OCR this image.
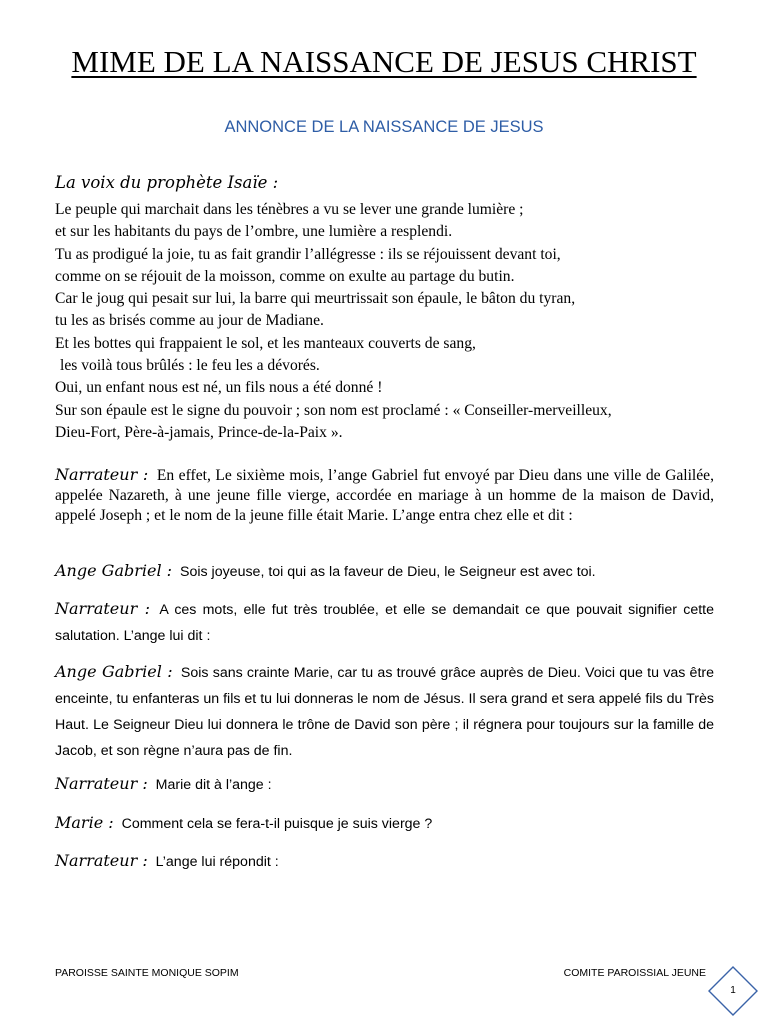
MIME DE LA NAISSANCE DE JESUS CHRIST
ANNONCE DE LA NAISSANCE DE JESUS

La voix du prophète Isaïe :

Le peuple qui marchait dans les ténèbres a vu se lever une grande lumière ;

et sur les habitants du pays de l’ombre, une lumière a resplendi.

Tu as prodigué la joie, tu as fait grandir l’allégresse : ils se réjouissent devant toi,

comme on se réjouit de la moisson, comme on exulte au partage du butin.

Car le joug qui pesait sur lui, la barre qui meurtrissait son épaule, le bâton du tyran,

tu les as brisés comme au jour de Madiane.

Et les bottes qui frappaient le sol, et les manteaux couverts de sang,

les voilà tous brûlés : le feu les a dévorés.

Oui, un enfant nous est né, un fils nous a été donné !

Sur son épaule est le signe du pouvoir ; son nom est proclamé : « Conseiller-merveilleux,

Dieu-Fort, Père-à-jamais, Prince-de-la-Paix ».

Narrateur : En effet, Le sixième mois, l’ange Gabriel fut envoyé par Dieu dans une ville de Galilée, appelée Nazareth, à une jeune fille vierge, accordée en mariage à un homme de la maison de David, appelé Joseph ; et le nom de la jeune fille était Marie. L’ange entra chez elle et dit :

Ange Gabriel : Sois joyeuse, toi qui as la faveur de Dieu, le Seigneur est avec toi.

Narrateur : A ces mots, elle fut très troublée, et elle se demandait ce que pouvait signifier cette salutation. L’ange lui dit :

Ange Gabriel : Sois sans crainte Marie, car tu as trouvé grâce auprès de Dieu. Voici que tu vas être enceinte, tu enfanteras un fils et tu lui donneras le nom de Jésus. Il sera grand et sera appelé fils du Très Haut. Le Seigneur Dieu lui donnera le trône de David son père ; il régnera pour toujours sur la famille de Jacob, et son règne n’aura pas de fin.

Narrateur : Marie dit à l’ange :

Marie : Comment cela se fera-t-il puisque je suis vierge ?

Narrateur : L’ange lui répondit :

PAROISSE SAINTE MONIQUE SOPIM	COMITE PAROISSIAL JEUNE
1
